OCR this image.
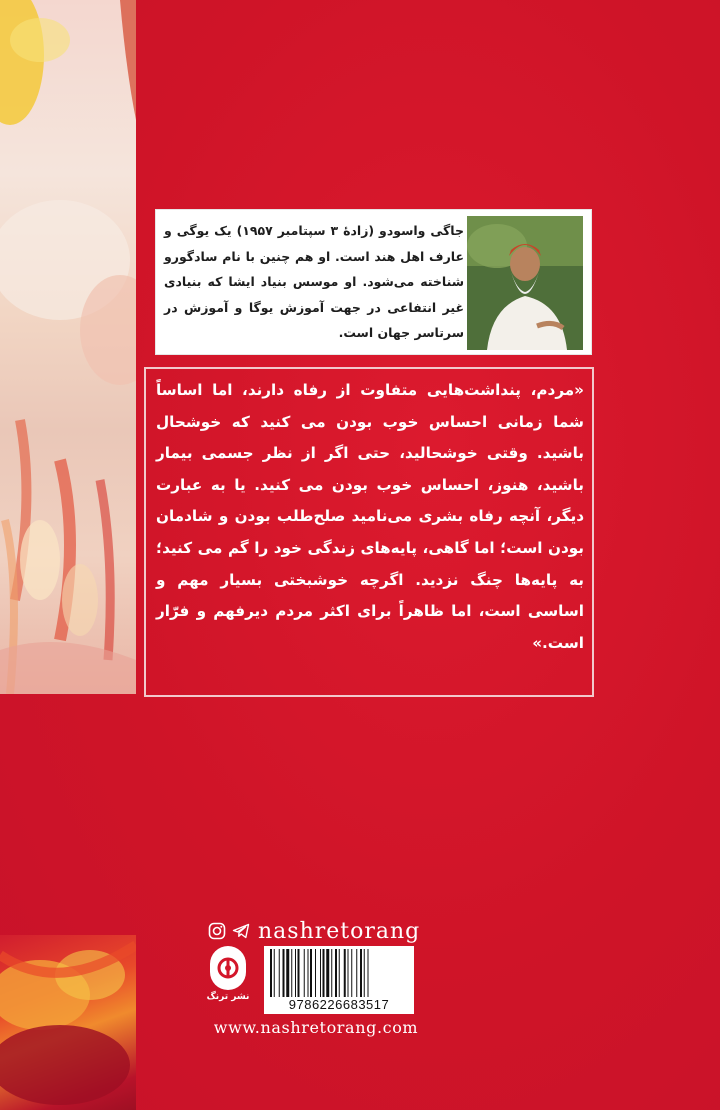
جاگی واسودو (زادهٔ ۳ سپتامبر ۱۹۵۷) یک یوگی و عارف اهل هند است. او هم چنین با نام سادگورو شناخته می‌شود. او موسس بنیاد ایشا که بنیادی غیر انتفاعی در جهت آموزش یوگا و آموزش در سرتاسر جهان است.

«مردم، پنداشت‌هایی متفاوت از رفاه دارند، اما اساساً شما زمانی احساس خوب بودن می کنید که خوشحال باشید. وقتی خوشحالید، حتی اگر از نظر جسمی بیمار باشید، هنوز، احساس خوب بودن می کنید. یا به عبارت دیگر، آنچه رفاه بشری می‌نامید صلح‌طلب بودن و شادمان بودن است؛ اما گاهی، پایه‌های زندگی خود را گم می کنید؛ به پایه‌ها چنگ نزدید. اگرچه خوشبختی بسیار مهم و اساسی است، اما ظاهراً برای اکثر مردم دیرفهم و فرّار است.»

nashretorang
نشر ترنگ	9786226683517
www.nashretorang.com
